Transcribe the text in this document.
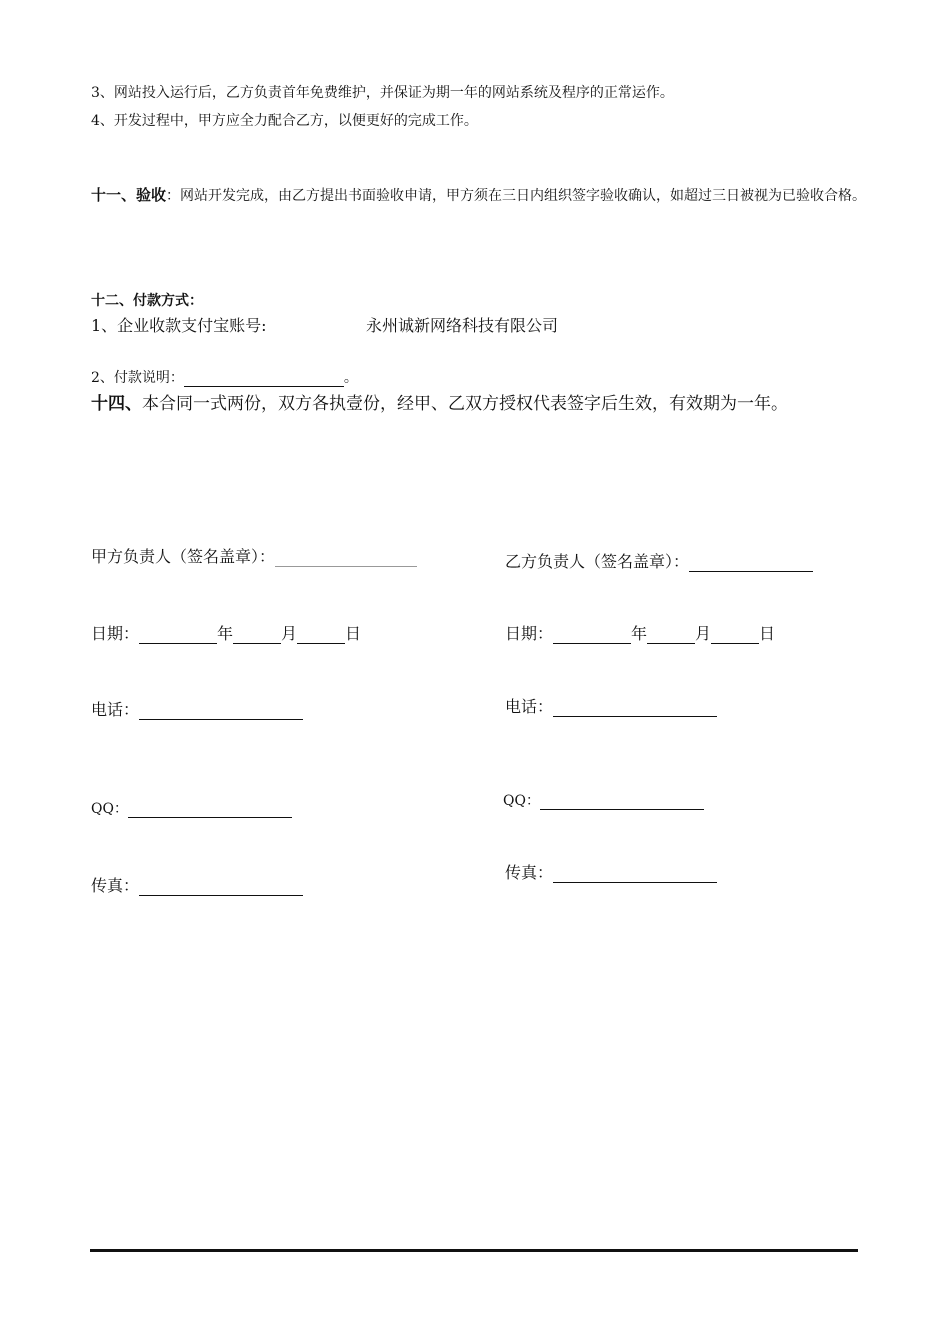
3、网站投入运行后，乙方负责首年免费维护，并保证为期一年的网站系统及程序的正常运作。
4、开发过程中，甲方应全力配合乙方，以便更好的完成工作。
十一、验收：网站开发完成，由乙方提出书面验收申请，甲方须在三日内组织签字验收确认，如超过三日被视为已验收合格。
十二、付款方式：
1、企业收款支付宝账号:	永州诚新网络科技有限公司
2、付款说明：	。
十四、本合同一式两份，双方各执壹份，经甲、乙双方授权代表签字后生效，有效期为一年。
甲方负责人（签名盖章）：
日期：	年	月	日
电话：
QQ：
传真：
乙方负责人（签名盖章）：
日期：	年	月	日
电话：
QQ：
传真：
